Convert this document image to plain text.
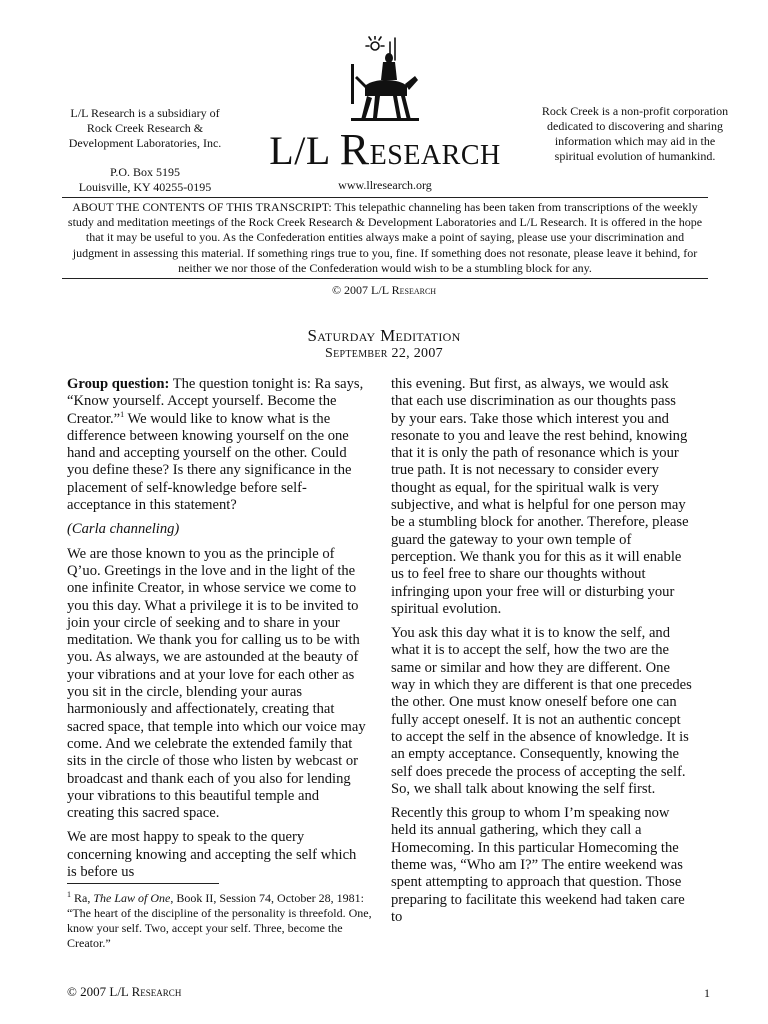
L/L Research is a subsidiary of

Rock Creek Research &

Development Laboratories, Inc.

P.O. Box 5195

Louisville, KY 40255-0195

L/L Research
www.llresearch.org
Rock Creek is a non-profit corporation dedicated to discovering and sharing information which may aid in the spiritual evolution of humankind.
ABOUT THE CONTENTS OF THIS TRANSCRIPT: This telepathic channeling has been taken from transcriptions of the weekly study and meditation meetings of the Rock Creek Research & Development Laboratories and L/L Research. It is offered in the hope that it may be useful to you. As the Confederation entities always make a point of saying, please use your discrimination and judgment in assessing this material. If something rings true to you, fine. If something does not resonate, please leave it behind, for neither we nor those of the Confederation would wish to be a stumbling block for any.
© 2007 L/L Research
Saturday Meditation
September 22, 2007

Group question: The question tonight is: Ra says, “Know yourself. Accept yourself. Become the Creator.”$^1$ We would like to know what is the difference between knowing yourself on the one hand and accepting yourself on the other. Could you define these? Is there any significance in the placement of self-knowledge before self-acceptance in this statement?

(Carla channeling)

We are those known to you as the principle of Q’uo. Greetings in the love and in the light of the one infinite Creator, in whose service we come to you this day. What a privilege it is to be invited to join your circle of seeking and to share in your meditation. We thank you for calling us to be with you. As always, we are astounded at the beauty of your vibrations and at your love for each other as you sit in the circle, blending your auras harmoniously and affectionately, creating that sacred space, that temple into which our voice may come. And we celebrate the extended family that sits in the circle of those who listen by webcast or broadcast and thank each of you also for lending your vibrations to this beautiful temple and creating this sacred space.

We are most happy to speak to the query concerning knowing and accepting the self which is before us

this evening. But first, as always, we would ask that each use discrimination as our thoughts pass by your ears. Take those which interest you and resonate to you and leave the rest behind, knowing that it is only the path of resonance which is your true path. It is not necessary to consider every thought as equal, for the spiritual walk is very subjective, and what is helpful for one person may be a stumbling block for another. Therefore, please guard the gateway to your own temple of perception. We thank you for this as it will enable us to feel free to share our thoughts without infringing upon your free will or disturbing your spiritual evolution.

You ask this day what it is to know the self, and what it is to accept the self, how the two are the same or similar and how they are different. One way in which they are different is that one precedes the other. One must know oneself before one can fully accept oneself. It is not an authentic concept to accept the self in the absence of knowledge. It is an empty acceptance. Consequently, knowing the self does precede the process of accepting the self. So, we shall talk about knowing the self first.

Recently this group to whom I’m speaking now held its annual gathering, which they call a Homecoming. In this particular Homecoming the theme was, “Who am I?” The entire weekend was spent attempting to approach that question. Those preparing to facilitate this weekend had taken care to

$^1$ Ra, The Law of One, Book II, Session 74, October 28, 1981: “The heart of the discipline of the personality is threefold. One, know your self. Two, accept your self. Three, become the Creator.”
© 2007 L/L Research	1
